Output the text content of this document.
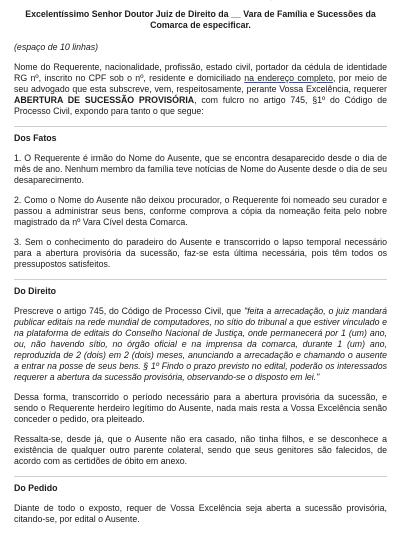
Excelentíssimo Senhor Doutor Juiz de Direito da __ Vara de Família e Sucessões da Comarca de especificar.
(espaço de 10 linhas)

Nome do Requerente, nacionalidade, profissão, estado civil, portador da cédula de identidade RG nº, inscrito no CPF sob o nº, residente e domiciliado na endereço completo, por meio de seu advogado que esta subscreve, vem, respeitosamente, perante Vossa Excelência, requerer ABERTURA DE SUCESSÃO PROVISÓRIA, com fulcro no artigo 745, §1º do Código de Processo Civil, expondo para tanto o que segue:

Dos Fatos

1. O Requerente é irmão do Nome do Ausente, que se encontra desaparecido desde o dia de mês de ano. Nenhum membro da família teve notícias de Nome do Ausente desde o dia de seu desaparecimento.

2. Como o Nome do Ausente não deixou procurador, o Requerente foi nomeado seu curador e passou a administrar seus bens, conforme comprova a cópia da nomeação feita pelo nobre magistrado da nº Vara Cível desta Comarca.

3. Sem o conhecimento do paradeiro do Ausente e transcorrido o lapso temporal necessário para a abertura provisória da sucessão, faz-se esta última necessária, pois têm todos os pressupostos satisfeitos.

Do Direito

Prescreve o artigo 745, do Código de Processo Civil, que "feita a arrecadação, o juiz mandará publicar editais na rede mundial de computadores, no sítio do tribunal a que estiver vinculado e na plataforma de editais do Conselho Nacional de Justiça, onde permanecerá por 1 (um) ano, ou, não havendo sítio, no órgão oficial e na imprensa da comarca, durante 1 (um) ano, reproduzida de 2 (dois) em 2 (dois) meses, anunciando a arrecadação e chamando o ausente a entrar na posse de seus bens. § 1º Findo o prazo previsto no edital, poderão os interessados requerer a abertura da sucessão provisória, observando-se o disposto em lei."

Dessa forma, transcorrido o período necessário para a abertura provisória da sucessão, e sendo o Requerente herdeiro legítimo do Ausente, nada mais resta a Vossa Excelência senão conceder o pedido, ora pleiteado.

Ressalta-se, desde já, que o Ausente não era casado, não tinha filhos, e se desconhece a existência de qualquer outro parente colateral, sendo que seus genitores são falecidos, de acordo com as certidões de óbito em anexo.

Do Pedido

Diante de todo o exposto, requer de Vossa Excelência seja aberta a sucessão provisória, citando-se, por edital o Ausente.
